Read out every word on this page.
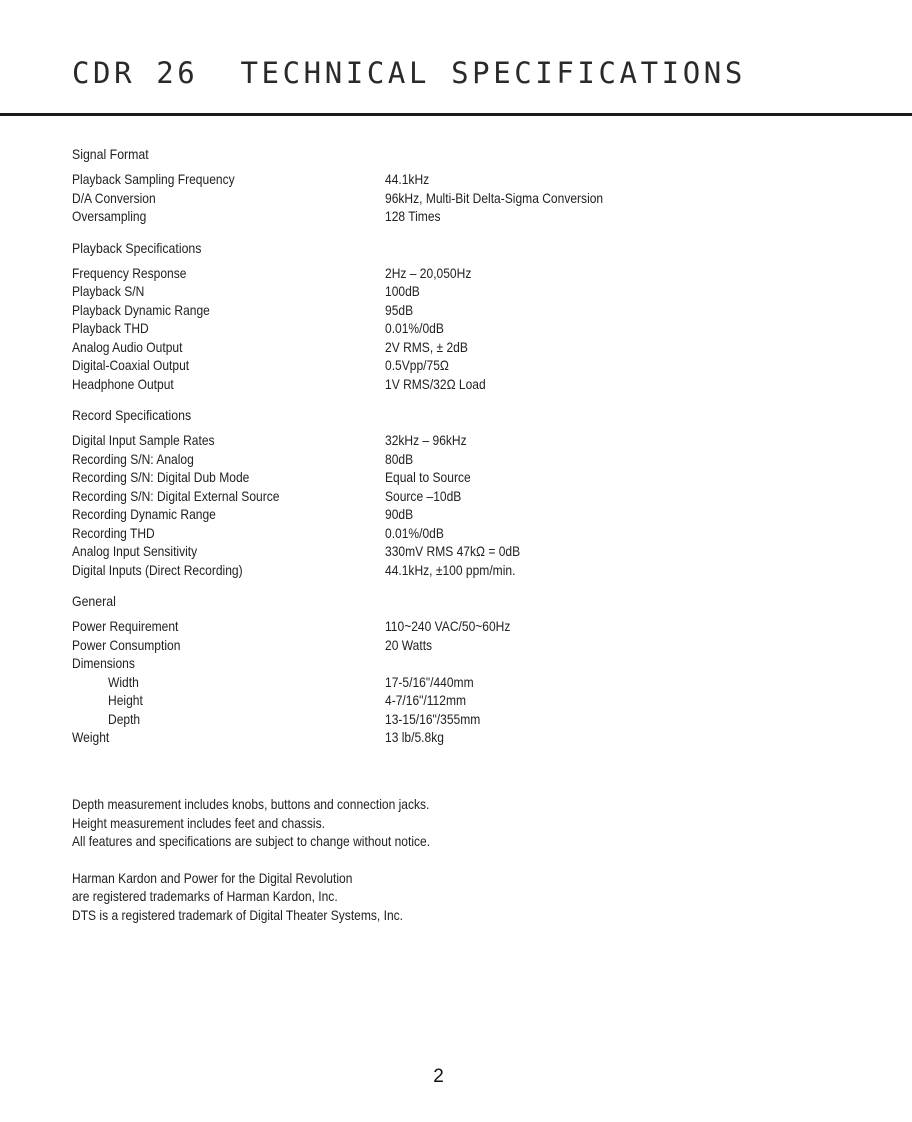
CDR 26  TECHNICAL SPECIFICATIONS
Signal Format
Playback Sampling Frequency	44.1kHz
D/A Conversion	96kHz, Multi-Bit Delta-Sigma Conversion
Oversampling	128 Times
Playback Specifications
Frequency Response	2Hz – 20,050Hz
Playback S/N	100dB
Playback Dynamic Range	95dB
Playback THD	0.01%/0dB
Analog Audio Output	2V RMS, ± 2dB
Digital-Coaxial Output	0.5Vpp/75Ω
Headphone Output	1V RMS/32Ω Load
Record Specifications
Digital Input Sample Rates	32kHz – 96kHz
Recording S/N: Analog	80dB
Recording S/N: Digital Dub Mode	Equal to Source
Recording S/N: Digital External Source	Source –10dB
Recording Dynamic Range	90dB
Recording THD	0.01%/0dB
Analog Input Sensitivity	330mV RMS 47kΩ = 0dB
Digital Inputs (Direct Recording)	44.1kHz, ±100 ppm/min.
General
Power Requirement	110~240 VAC/50~60Hz
Power Consumption	20 Watts
Dimensions
Width	17-5/16"/440mm
Height	4-7/16"/112mm
Depth	13-15/16"/355mm
Weight	13 lb/5.8kg
Depth measurement includes knobs, buttons and connection jacks.
Height measurement includes feet and chassis.
All features and specifications are subject to change without notice.
Harman Kardon and Power for the Digital Revolution
are registered trademarks of Harman Kardon, Inc.
DTS is a registered trademark of Digital Theater Systems, Inc.
2
